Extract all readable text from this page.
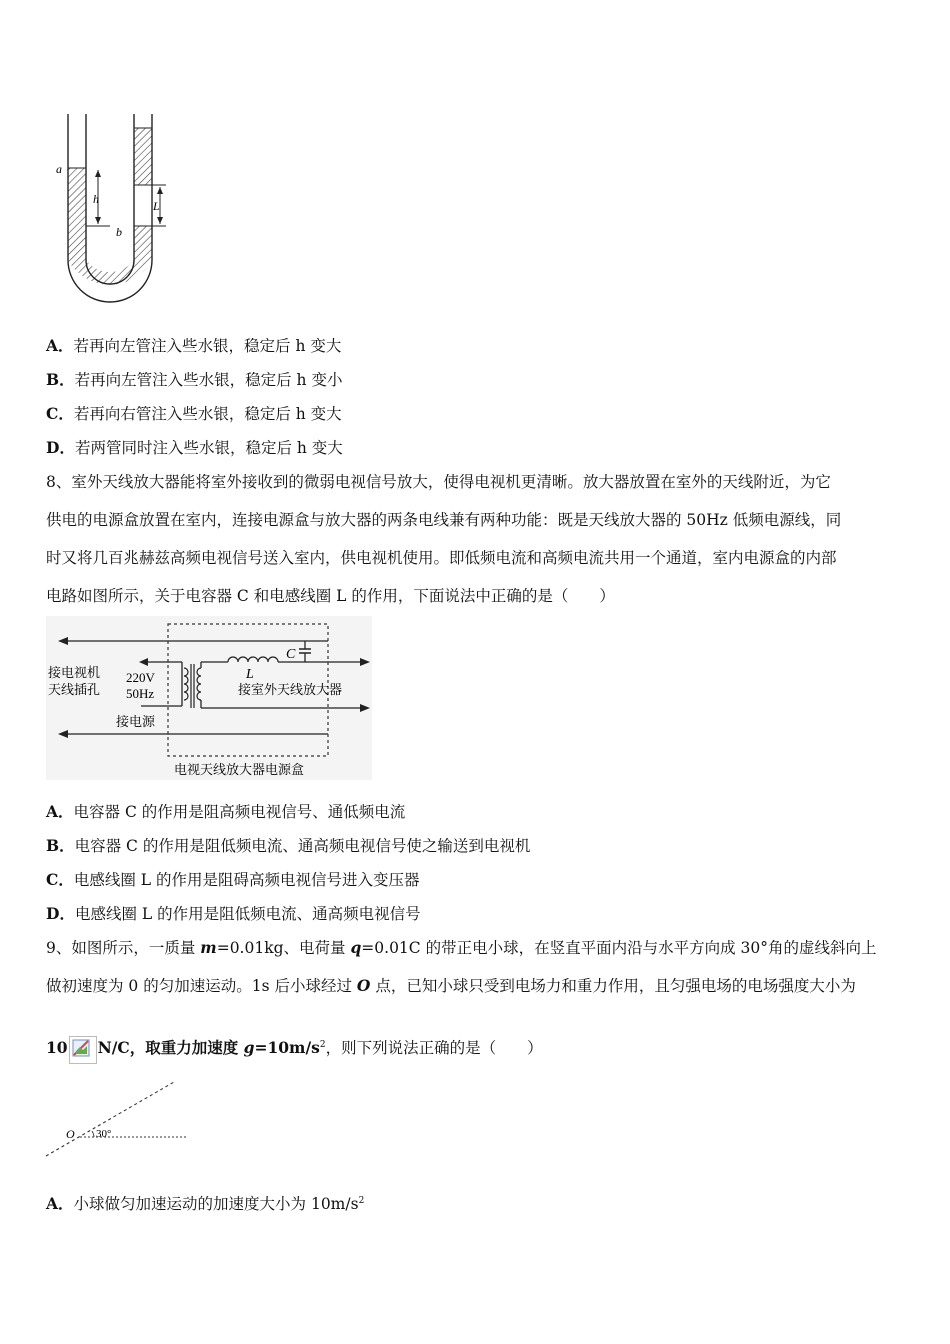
a
b
h	L
A．若再向左管注入些水银，稳定后 h 变大
B．若再向左管注入些水银，稳定后 h 变小
C．若再向右管注入些水银，稳定后 h 变大
D．若两管同时注入些水银，稳定后 h 变大
8、室外天线放大器能将室外接收到的微弱电视信号放大，使得电视机更清晰。放大器放置在室外的天线附近，为它
供电的电源盒放置在室内，连接电源盒与放大器的两条电线兼有两种功能：既是天线放大器的 50Hz 低频电源线，同
时又将几百兆赫兹高频电视信号送入室内，供电视机使用。即低频电流和高频电流共用一个通道，室内电源盒的内部
电路如图所示，关于电容器 C 和电感线圈 L 的作用，下面说法中正确的是（　　）
接电视机
天线插孔
220V
50Hz
C
L
接室外天线放大器
接电源
电视天线放大器电源盒
A．电容器 C 的作用是阻高频电视信号、通低频电流
B．电容器 C 的作用是阻低频电流、通高频电视信号使之输送到电视机
C．电感线圈 L 的作用是阻碍高频电视信号进入变压器
D．电感线圈 L 的作用是阻低频电流、通高频电视信号
9、如图所示，一质量 m=0.01kg、电荷量 q=0.01C 的带正电小球，在竖直平面内沿与水平方向成 30°角的虚线斜向上
做初速度为 0 的匀加速运动。1s 后小球经过 O 点，已知小球只受到电场力和重力作用，且匀强电场的电场强度大小为
10 N/C，取重力加速度 $g=10m/s^2$，则下列说法正确的是（　　）
O 30°
A．小球做匀加速运动的加速度大小为 $10m/s^2$
